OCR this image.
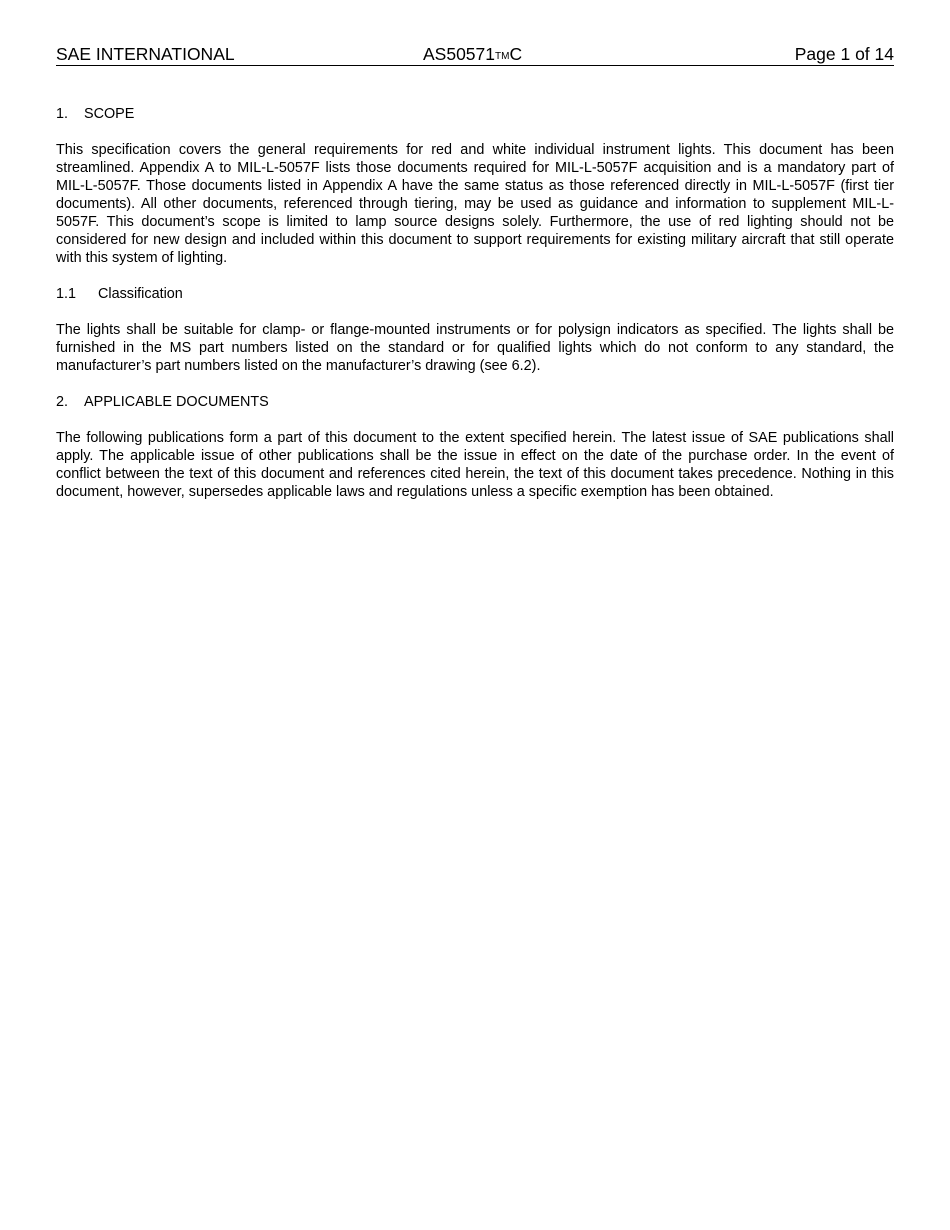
SAE INTERNATIONAL	AS50571TMC	Page 1 of 14
1. SCOPE

This specification covers the general requirements for red and white individual instrument lights. This document has been streamlined. Appendix A to MIL-L-5057F lists those documents required for MIL-L-5057F acquisition and is a mandatory part of MIL-L-5057F. Those documents listed in Appendix A have the same status as those referenced directly in MIL-L-5057F (first tier documents). All other documents, referenced through tiering, may be used as guidance and information to supplement MIL-L-5057F. This document’s scope is limited to lamp source designs solely. Furthermore, the use of red lighting should not be considered for new design and included within this document to support requirements for existing military aircraft that still operate with this system of lighting.

1.1 Classification

The lights shall be suitable for clamp- or flange-mounted instruments or for polysign indicators as specified. The lights shall be furnished in the MS part numbers listed on the standard or for qualified lights which do not conform to any standard, the manufacturer’s part numbers listed on the manufacturer’s drawing (see 6.2).

2. APPLICABLE DOCUMENTS

The following publications form a part of this document to the extent specified herein. The latest issue of SAE publications shall apply. The applicable issue of other publications shall be the issue in effect on the date of the purchase order. In the event of conflict between the text of this document and references cited herein, the text of this document takes precedence. Nothing in this document, however, supersedes applicable laws and regulations unless a specific exemption has been obtained.
